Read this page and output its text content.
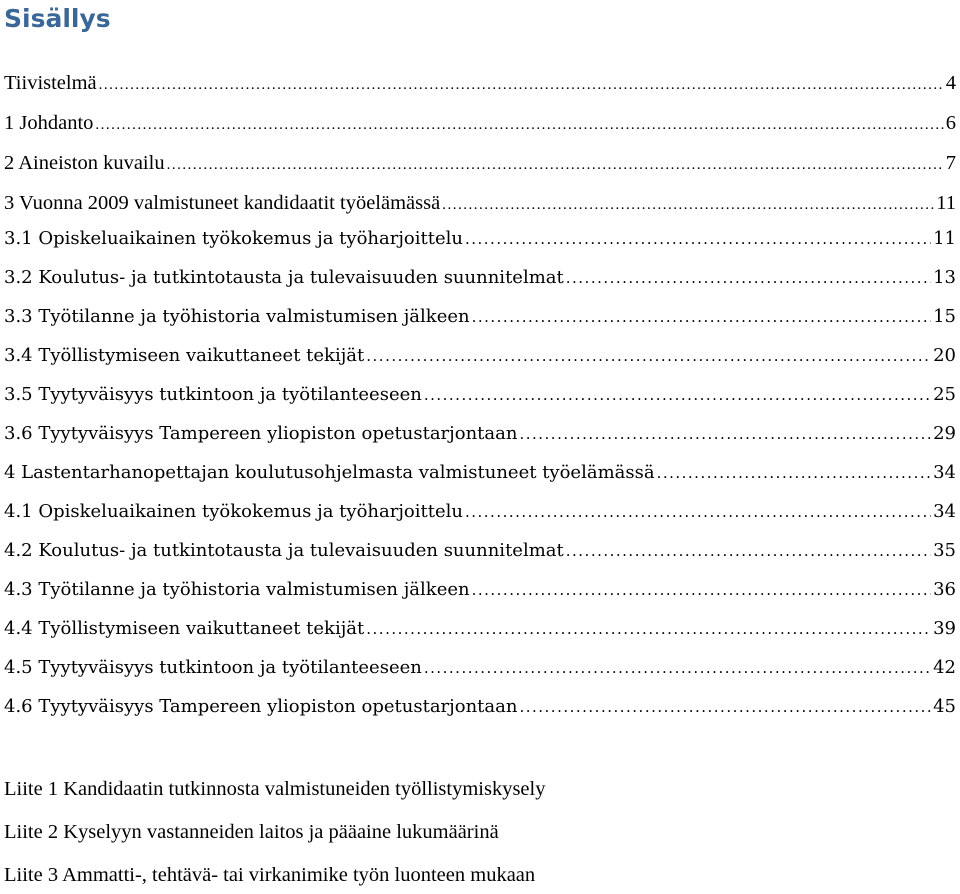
Sisällys
Tiivistelmä .....	4
1 Johdanto .....	6
2 Aineiston kuvailu .....	7
3 Vuonna 2009 valmistuneet kandidaatit työelämässä .....	11
3.1 Opiskeluaikainen työkokemus ja työharjoittelu .....	11
3.2 Koulutus- ja tutkintotausta ja tulevaisuuden suunnitelmat .....	13
3.3 Työtilanne ja työhistoria valmistumisen jälkeen .....	15
3.4 Työllistymiseen vaikuttaneet tekijät .....	20
3.5 Tyytyväisyys tutkintoon ja työtilanteeseen .....	25
3.6 Tyytyväisyys Tampereen yliopiston opetustarjontaan .....	29
4 Lastentarhanopettajan koulutusohjelmasta valmistuneet työelämässä .....	34
4.1 Opiskeluaikainen työkokemus ja työharjoittelu .....	34
4.2 Koulutus- ja tutkintotausta ja tulevaisuuden suunnitelmat .....	35
4.3 Työtilanne ja työhistoria valmistumisen jälkeen .....	36
4.4 Työllistymiseen vaikuttaneet tekijät .....	39
4.5 Tyytyväisyys tutkintoon ja työtilanteeseen .....	42
4.6 Tyytyväisyys Tampereen yliopiston opetustarjontaan .....	45
Liite 1 Kandidaatin tutkinnosta valmistuneiden työllistymiskysely
Liite 2 Kyselyyn vastanneiden laitos ja pääaine lukumäärinä
Liite 3 Ammatti-, tehtävä- tai virkanimike työn luonteen mukaan
